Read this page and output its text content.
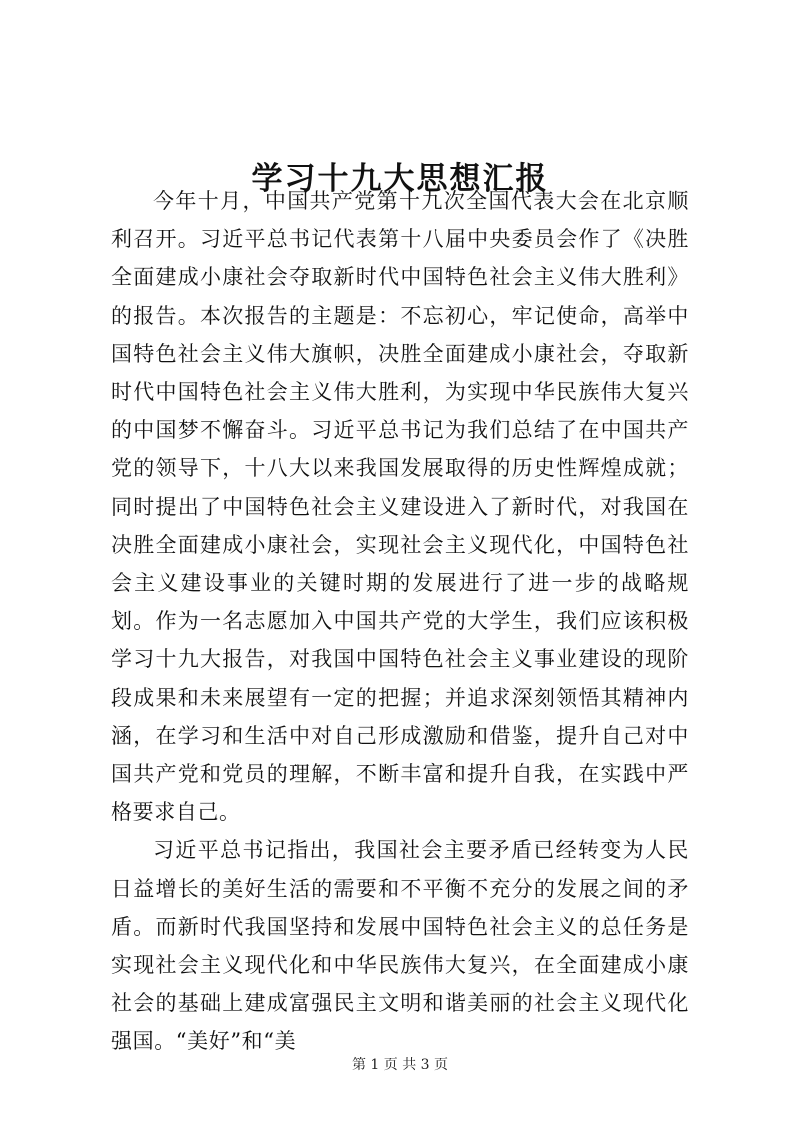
学习十九大思想汇报

今年十月，中国共产党第十九次全国代表大会在北京顺利召开。习近平总书记代表第十八届中央委员会作了《决胜全面建成小康社会夺取新时代中国特色社会主义伟大胜利》的报告。本次报告的主题是：不忘初心，牢记使命，高举中国特色社会主义伟大旗帜，决胜全面建成小康社会，夺取新时代中国特色社会主义伟大胜利，为实现中华民族伟大复兴的中国梦不懈奋斗。习近平总书记为我们总结了在中国共产党的领导下，十八大以来我国发展取得的历史性辉煌成就；同时提出了中国特色社会主义建设进入了新时代，对我国在决胜全面建成小康社会，实现社会主义现代化，中国特色社会主义建设事业的关键时期的发展进行了进一步的战略规划。作为一名志愿加入中国共产党的大学生，我们应该积极学习十九大报告，对我国中国特色社会主义事业建设的现阶段成果和未来展望有一定的把握；并追求深刻领悟其精神内涵，在学习和生活中对自己形成激励和借鉴，提升自己对中国共产党和党员的理解，不断丰富和提升自我，在实践中严格要求自己。

习近平总书记指出，我国社会主要矛盾已经转变为人民日益增长的美好生活的需要和不平衡不充分的发展之间的矛盾。而新时代我国坚持和发展中国特色社会主义的总任务是实现社会主义现代化和中华民族伟大复兴，在全面建成小康社会的基础上建成富强民主文明和谐美丽的社会主义现代化强国。“美好”和“美

第 1 页 共 3 页
